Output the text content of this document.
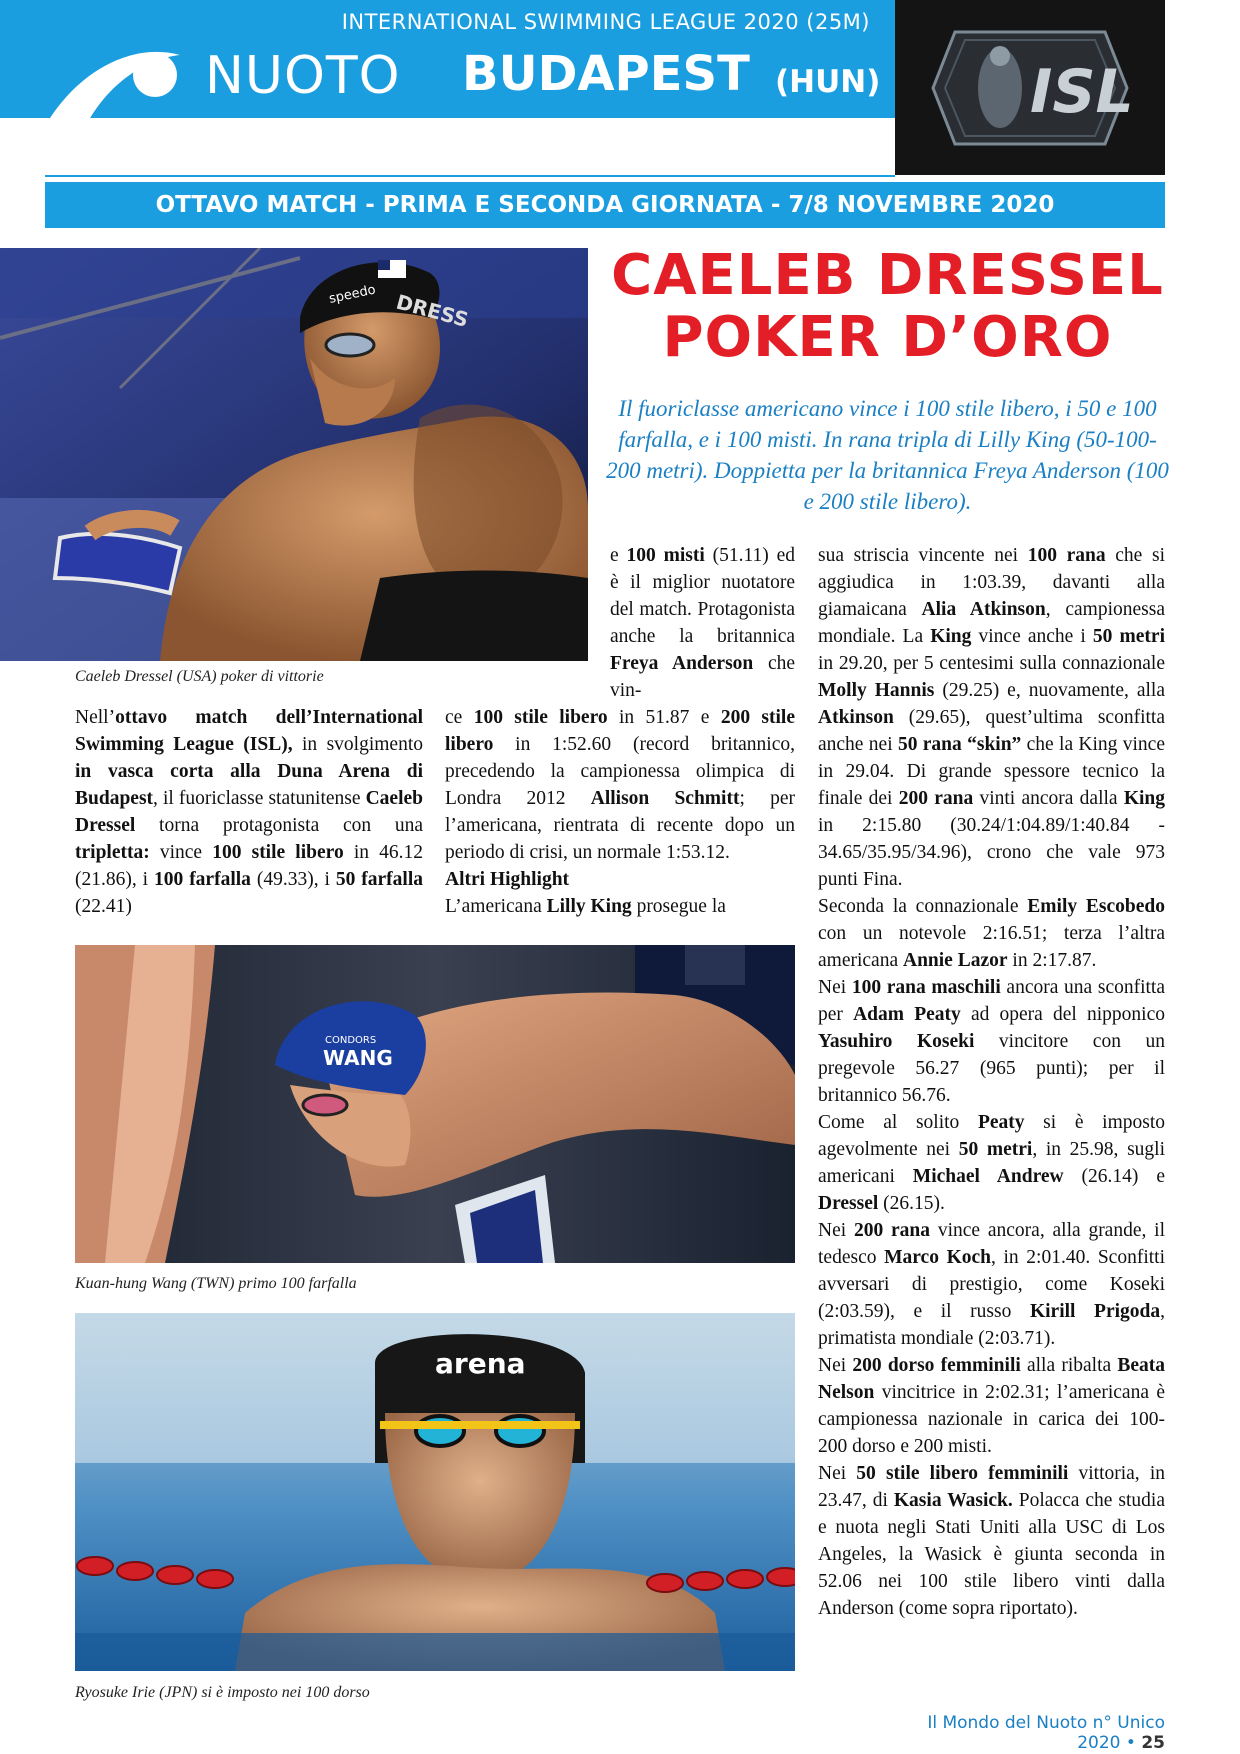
INTERNATIONAL SWIMMING LEAGUE 2020 (25M)
NUOTO BUDAPEST (HUN) ISL
OTTAVO MATCH - PRIMA E SECONDA GIORNATA - 7/8 NOVEMBRE 2020
speedo DRESS
Caeleb Dressel (USA) poker di vittorie
CAELEB DRESSEL
POKER D’ORO
Il fuoriclasse americano vince i 100 stile libero, i 50 e 100 farfalla, e i 100 misti. In rana tripla di Lilly King (50-100-200 metri). Doppietta per la britannica Freya Anderson (100 e 200 stile libero).

Nell’ottavo match dell’International Swimming League (ISL), in svolgimento in vasca corta alla Duna Arena di Budapest, il fuoriclasse statunitense Caeleb Dressel torna protagonista con una tripletta: vince 100 stile libero in 46.12 (21.86), i 100 farfalla (49.33), i 50 farfalla (22.41)

e 100 misti (51.11) ed è il miglior nuotatore del match. Protagonista anche la britannica Freya Anderson che vin-

ce 100 stile libero in 51.87 e 200 stile libero in 1:52.60 (record britannico, precedendo la campionessa olimpica di Londra 2012 Allison Schmitt; per l’americana, rientrata di recente dopo un periodo di crisi, un normale 1:53.12.

Altri Highlight

L’americana Lilly King prosegue la

sua striscia vincente nei 100 rana che si aggiudica in 1:03.39, davanti alla giamaicana Alia Atkinson, campionessa mondiale. La King vince anche i 50 metri in 29.20, per 5 centesimi sulla connazionale Molly Hannis (29.25) e, nuovamente, alla Atkinson (29.65), quest’ultima sconfitta anche nei 50 rana “skin” che la King vince in 29.04. Di grande spessore tecnico la finale dei 200 rana vinti ancora dalla King in 2:15.80 (30.24/1:04.89/1:40.84 - 34.65/35.95/34.96), crono che vale 973 punti Fina.

Seconda la connazionale Emily Escobedo con un notevole 2:16.51; terza l’altra americana Annie Lazor in 2:17.87.

Nei 100 rana maschili ancora una sconfitta per Adam Peaty ad opera del nipponico Yasuhiro Koseki vincitore con un pregevole 56.27 (965 punti); per il britannico 56.76.

Come al solito Peaty si è imposto agevolmente nei 50 metri, in 25.98, sugli americani Michael Andrew (26.14) e Dressel (26.15).

Nei 200 rana vince ancora, alla grande, il tedesco Marco Koch, in 2:01.40. Sconfitti avversari di prestigio, come Koseki (2:03.59), e il russo Kirill Prigoda, primatista mondiale (2:03.71).

Nei 200 dorso femminili alla ribalta Beata Nelson vincitrice in 2:02.31; l’americana è campionessa nazionale in carica dei 100-200 dorso e 200 misti.

Nei 50 stile libero femminili vittoria, in 23.47, di Kasia Wasick. Polacca che studia e nuota negli Stati Uniti alla USC di Los Angeles, la Wasick è giunta seconda in 52.06 nei 100 stile libero vinti dalla Anderson (come sopra riportato).

WANG
CONDORS
Kuan-hung Wang (TWN) primo 100 farfalla
arena
Ryosuke Irie (JPN) si è imposto nei 100 dorso
Il Mondo del Nuoto n° Unico 2020 • 25
